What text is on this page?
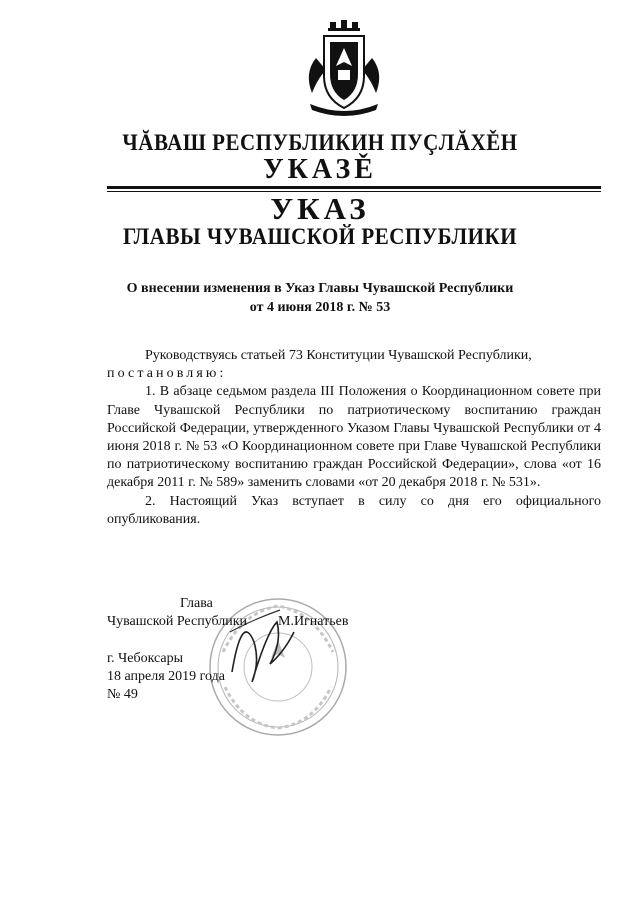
ЧĂВАШ РЕСПУБЛИКИН ПУÇЛĂХĚН
УКАЗĚ
УКАЗ
ГЛАВЫ ЧУВАШСКОЙ РЕСПУБЛИКИ
О внесении изменения в Указ Главы Чувашской Республики
от 4 июня 2018 г. № 53

Руководствуясь статьей 73 Конституции Чувашской Республики,

постановляю:

1. В абзаце седьмом раздела III Положения о Координационном совете при Главе Чувашской Республики по патриотическому воспитанию граждан Российской Федерации, утвержденного Указом Главы Чувашской Республики от 4 июня 2018 г. № 53 «О Координационном совете при Главе Чувашской Республики по патриотическому воспитанию граждан Российской Федерации», слова «от 16 декабря 2011 г. № 589» заменить словами «от 20 декабря 2018 г. № 531».

2. Настоящий Указ вступает в силу со дня его официального опубликования.

Глава
Чувашской Республики М.Игнатьев
г. Чебоксары
18 апреля 2019 года
№ 49
